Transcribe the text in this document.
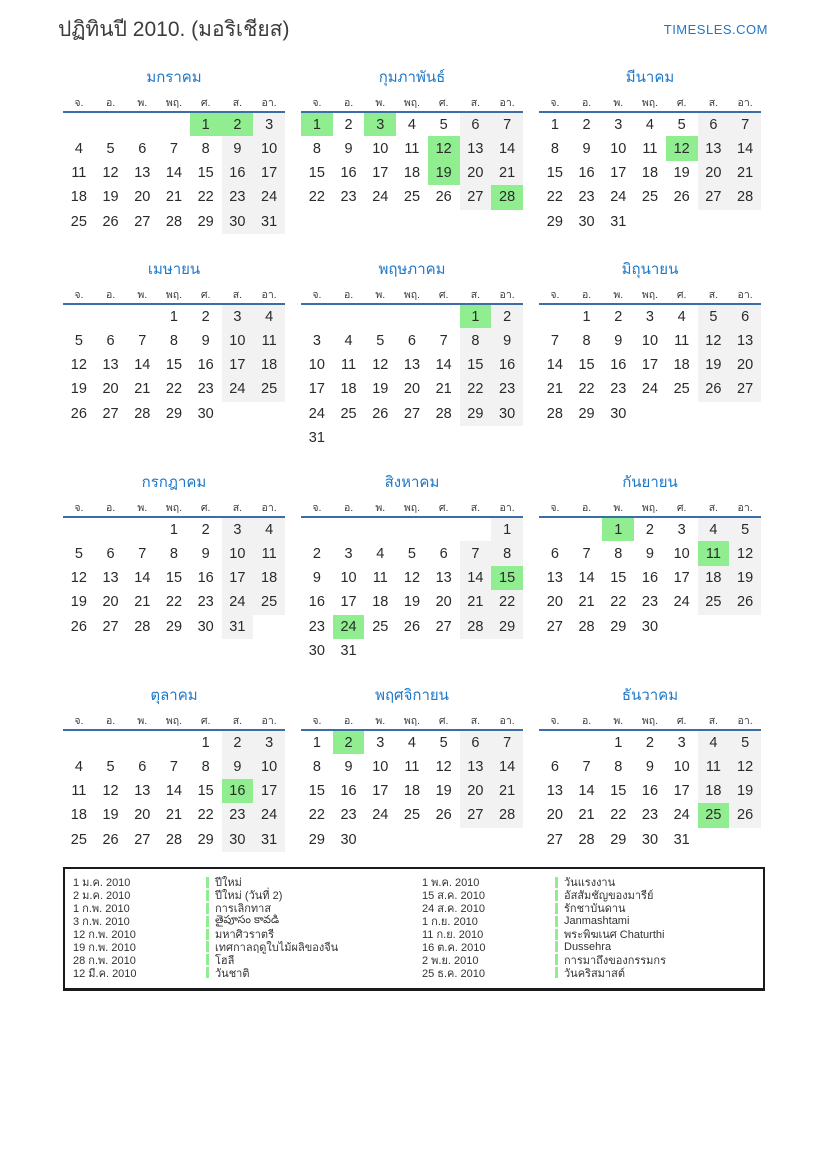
ปฏิทินปี 2010. (มอริเชียส)	TIMESLES.COM
มกราคม
จ.	อ.	พ.	พฤ.	ศ.	ส.	อา.
				1	2	3
4	5	6	7	8	9	10
11	12	13	14	15	16	17
18	19	20	21	22	23	24
25	26	27	28	29	30	31
กุมภาพันธ์
จ.	อ.	พ.	พฤ.	ศ.	ส.	อา.
1	2	3	4	5	6	7
8	9	10	11	12	13	14
15	16	17	18	19	20	21
22	23	24	25	26	27	28
มีนาคม
จ.	อ.	พ.	พฤ.	ศ.	ส.	อา.
1	2	3	4	5	6	7
8	9	10	11	12	13	14
15	16	17	18	19	20	21
22	23	24	25	26	27	28
29	30	31				
เมษายน
จ.	อ.	พ.	พฤ.	ศ.	ส.	อา.
			1	2	3	4
5	6	7	8	9	10	11
12	13	14	15	16	17	18
19	20	21	22	23	24	25
26	27	28	29	30		
พฤษภาคม
จ.	อ.	พ.	พฤ.	ศ.	ส.	อา.
					1	2
3	4	5	6	7	8	9
10	11	12	13	14	15	16
17	18	19	20	21	22	23
24	25	26	27	28	29	30
31						
มิถุนายน
จ.	อ.	พ.	พฤ.	ศ.	ส.	อา.
	1	2	3	4	5	6
7	8	9	10	11	12	13
14	15	16	17	18	19	20
21	22	23	24	25	26	27
28	29	30				
กรกฎาคม
จ.	อ.	พ.	พฤ.	ศ.	ส.	อา.
			1	2	3	4
5	6	7	8	9	10	11
12	13	14	15	16	17	18
19	20	21	22	23	24	25
26	27	28	29	30	31	
สิงหาคม
จ.	อ.	พ.	พฤ.	ศ.	ส.	อา.
						1
2	3	4	5	6	7	8
9	10	11	12	13	14	15
16	17	18	19	20	21	22
23	24	25	26	27	28	29
30	31					
กันยายน
จ.	อ.	พ.	พฤ.	ศ.	ส.	อา.
		1	2	3	4	5
6	7	8	9	10	11	12
13	14	15	16	17	18	19
20	21	22	23	24	25	26
27	28	29	30			
ตุลาคม
จ.	อ.	พ.	พฤ.	ศ.	ส.	อา.
				1	2	3
4	5	6	7	8	9	10
11	12	13	14	15	16	17
18	19	20	21	22	23	24
25	26	27	28	29	30	31
พฤศจิกายน
จ.	อ.	พ.	พฤ.	ศ.	ส.	อา.
1	2	3	4	5	6	7
8	9	10	11	12	13	14
15	16	17	18	19	20	21
22	23	24	25	26	27	28
29	30					
ธันวาคม
จ.	อ.	พ.	พฤ.	ศ.	ส.	อา.
		1	2	3	4	5
6	7	8	9	10	11	12
13	14	15	16	17	18	19
20	21	22	23	24	25	26
27	28	29	30	31		
1 ม.ค. 2010	ปีใหม่
2 ม.ค. 2010	ปีใหม่ (วันที่ 2)
1 ก.พ. 2010	การเลิกทาส
3 ก.พ. 2010	తైపూసం కావడి
12 ก.พ. 2010	มหาศิวราตรี
19 ก.พ. 2010	เทศกาลฤดูใบไม้ผลิของจีน
28 ก.พ. 2010	โฮลี
12 มี.ค. 2010	วันชาติ
1 พ.ค. 2010	วันแรงงาน
15 ส.ค. 2010	อัสสัมชัญของมารีย์
24 ส.ค. 2010	รักชาบันดาน
1 ก.ย. 2010	Janmashtami
11 ก.ย. 2010	พระพิฆเนศ Chaturthi
16 ต.ค. 2010	Dussehra
2 พ.ย. 2010	การมาถึงของกรรมกร
25 ธ.ค. 2010	วันคริสมาสต์
